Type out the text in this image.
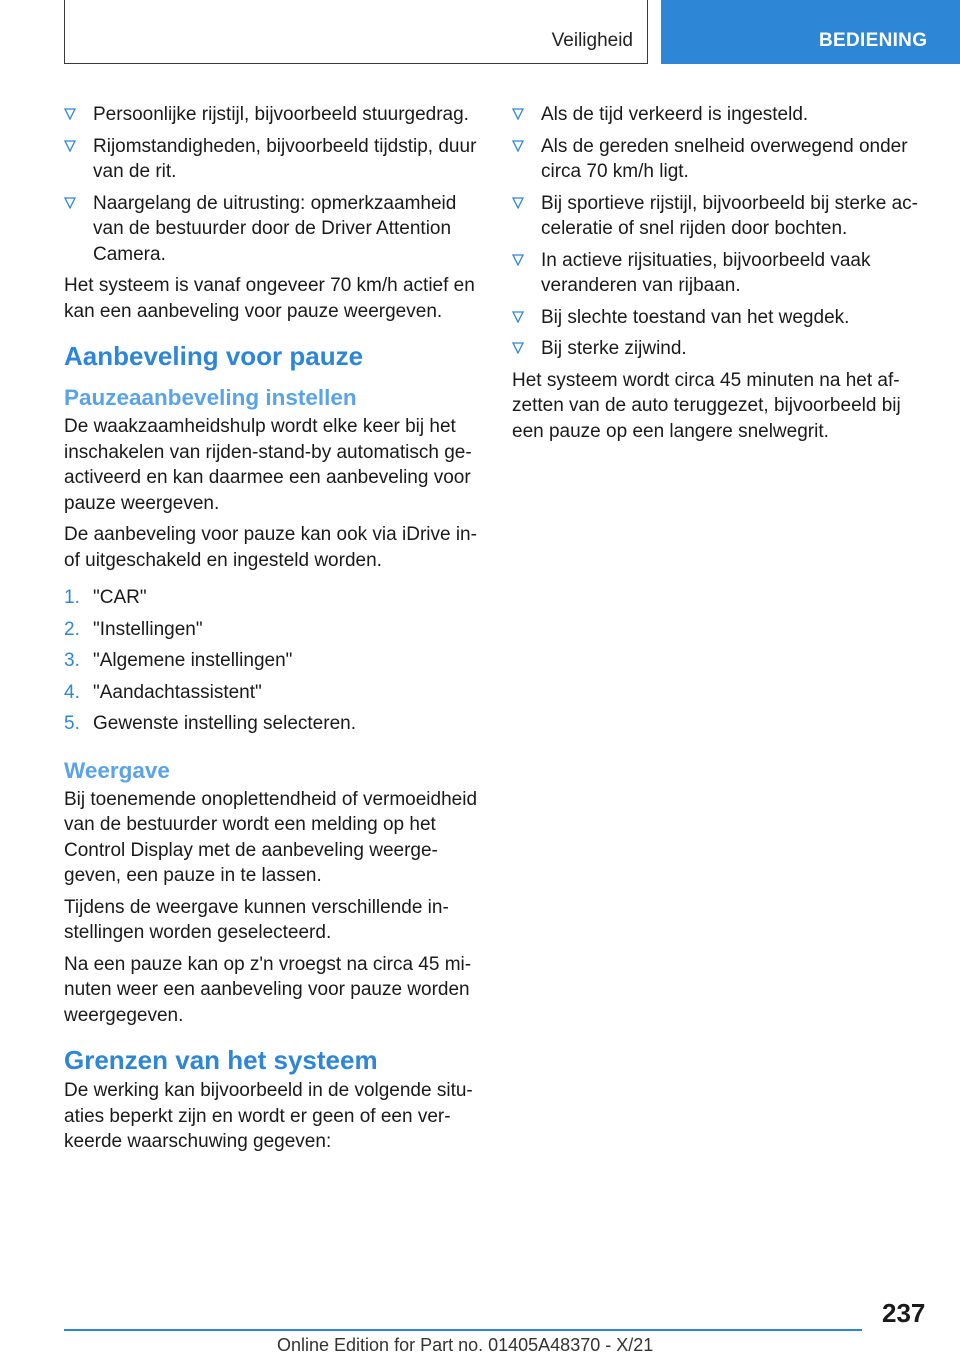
Veiligheid	BEDIENING
Persoonlijke rijstijl, bijvoorbeeld stuurgedrag.
Rijomstandigheden, bijvoorbeeld tijdstip, duur van de rit.
Naargelang de uitrusting: opmerkzaamheid van de bestuurder door de Driver Attention Camera.

Het systeem is vanaf ongeveer 70 km/h actief en kan een aanbeveling voor pauze weergeven.

Aanbeveling voor pauze
Pauzeaanbeveling instellen

De waakzaamheidshulp wordt elke keer bij het inschakelen van rijden-stand-by automatisch geactiveerd en kan daarmee een aanbeveling voor pauze weergeven.

De aanbeveling voor pauze kan ook via iDrive in- of uitgeschakeld en ingesteld worden.

1. "CAR"
2. "Instellingen"
3. "Algemene instellingen"
4. "Aandachtassistent"
5. Gewenste instelling selecteren.
Weergave

Bij toenemende onoplettendheid of vermoeidheid van de bestuurder wordt een melding op het Control Display met de aanbeveling weergegeven, een pauze in te lassen.

Tijdens de weergave kunnen verschillende instellingen worden geselecteerd.

Na een pauze kan op z'n vroegst na circa 45 minuten weer een aanbeveling voor pauze worden weergegeven.

Grenzen van het systeem

De werking kan bijvoorbeeld in de volgende situaties beperkt zijn en wordt er geen of een verkeerde waarschuwing gegeven:

Als de tijd verkeerd is ingesteld.
Als de gereden snelheid overwegend onder circa 70 km/h ligt.
Bij sportieve rijstijl, bijvoorbeeld bij sterke acceleratie of snel rijden door bochten.
In actieve rijsituaties, bijvoorbeeld vaak veranderen van rijbaan.
Bij slechte toestand van het wegdek.
Bij sterke zijwind.

Het systeem wordt circa 45 minuten na het afzetten van de auto teruggezet, bijvoorbeeld bij een pauze op een langere snelwegrit.

237
Online Edition for Part no. 01405A48370 - X/21
